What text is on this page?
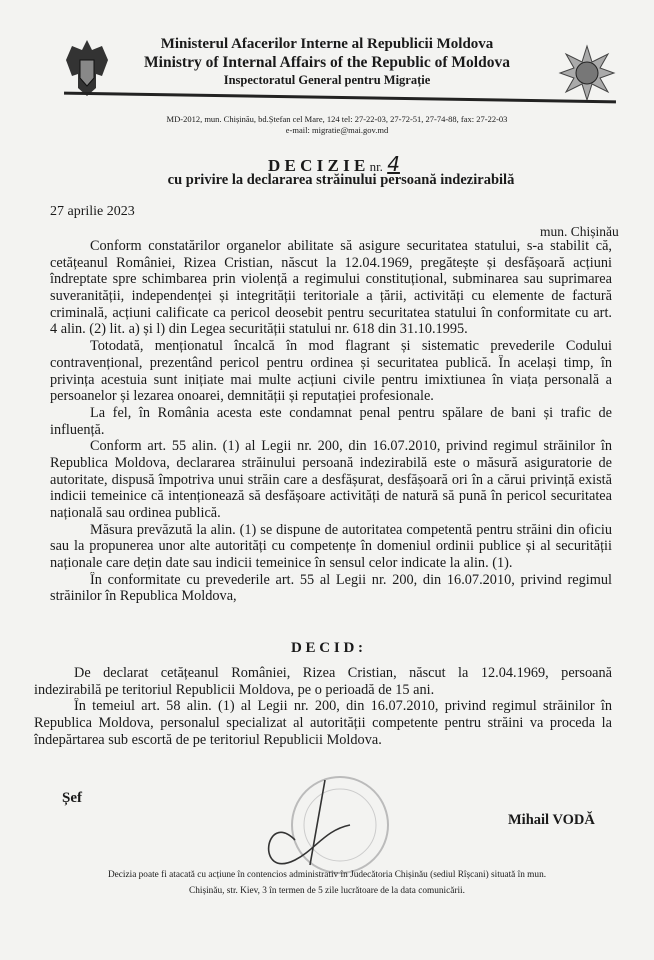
Ministerul Afacerilor Interne al Republicii Moldova
Ministry of Internal Affairs of the Republic of Moldova
Inspectoratul General pentru Migrație
MD-2012, mun. Chișinău, bd.Ștefan cel Mare, 124 tel: 27-22-03, 27-72-51, 27-74-88, fax: 27-22-03
e-mail: migratie@mai.gov.md
D E C I Z I E nr. 4
cu privire la declararea străinului persoană indezirabilă
27 aprilie 2023
mun. Chișinău
Conform constatărilor organelor abilitate să asigure securitatea statului, s-a stabilit că,
cetățeanul României, Rizea Cristian, născut la 12.04.1969, pregătește și desfășoară acțiuni
îndreptate spre schimbarea prin violență a regimului constituțional, subminarea sau suprimarea
suveranității, independenței și integrității teritoriale a țării, activități cu elemente de factură
criminală, acțiuni calificate ca pericol deosebit pentru securitatea statului în conformitate cu art.
4 alin. (2) lit. a) și l) din Legea securității statului nr. 618 din 31.10.1995.
Totodată, menționatul încalcă în mod flagrant și sistematic prevederile Codului
contravențional, prezentând pericol pentru ordinea și securitatea publică. În același timp, în
privința acestuia sunt inițiate mai multe acțiuni civile pentru imixtiunea în viața personală a
persoanelor și lezarea onoarei, demnității și reputației profesionale.
La fel, în România acesta este condamnat penal pentru spălare de bani și trafic de
influență.
Conform art. 55 alin. (1) al Legii nr. 200, din 16.07.2010, privind regimul străinilor în
Republica Moldova, declararea străinului persoană indezirabilă este o măsură asiguratorie de
autoritate, dispusă împotriva unui străin care a desfășurat, desfășoară ori în a cărui privință există
indicii temeinice că intenționează să desfășoare activități de natură să pună în pericol securitatea
națională sau ordinea publică.
Măsura prevăzută la alin. (1) se dispune de autoritatea competentă pentru străini din oficiu
sau la propunerea unor alte autorități cu competențe în domeniul ordinii publice și al securității
naționale care dețin date sau indicii temeinice în sensul celor indicate la alin. (1).
În conformitate cu prevederile art. 55 al Legii nr. 200, din 16.07.2010, privind regimul
străinilor în Republica Moldova,
D E C I D :
De declarat cetățeanul României, Rizea Cristian, născut la 12.04.1969, persoană
indezirabilă pe teritoriul Republicii Moldova, pe o perioadă de 15 ani.
În temeiul art. 58 alin. (1) al Legii nr. 200, din 16.07.2010, privind regimul străinilor în
Republica Moldova, personalul specializat al autorității competente pentru străini va proceda la
îndepărtarea sub escortă de pe teritoriul Republicii Moldova.
Șef
Mihail VODĂ
Decizia poate fi atacată cu acțiune în contencios administrativ în Judecătoria Chișinău (sediul Rîșcani) situată în mun.
Chișinău, str. Kiev, 3 în termen de 5 zile lucrătoare de la data comunicării.
